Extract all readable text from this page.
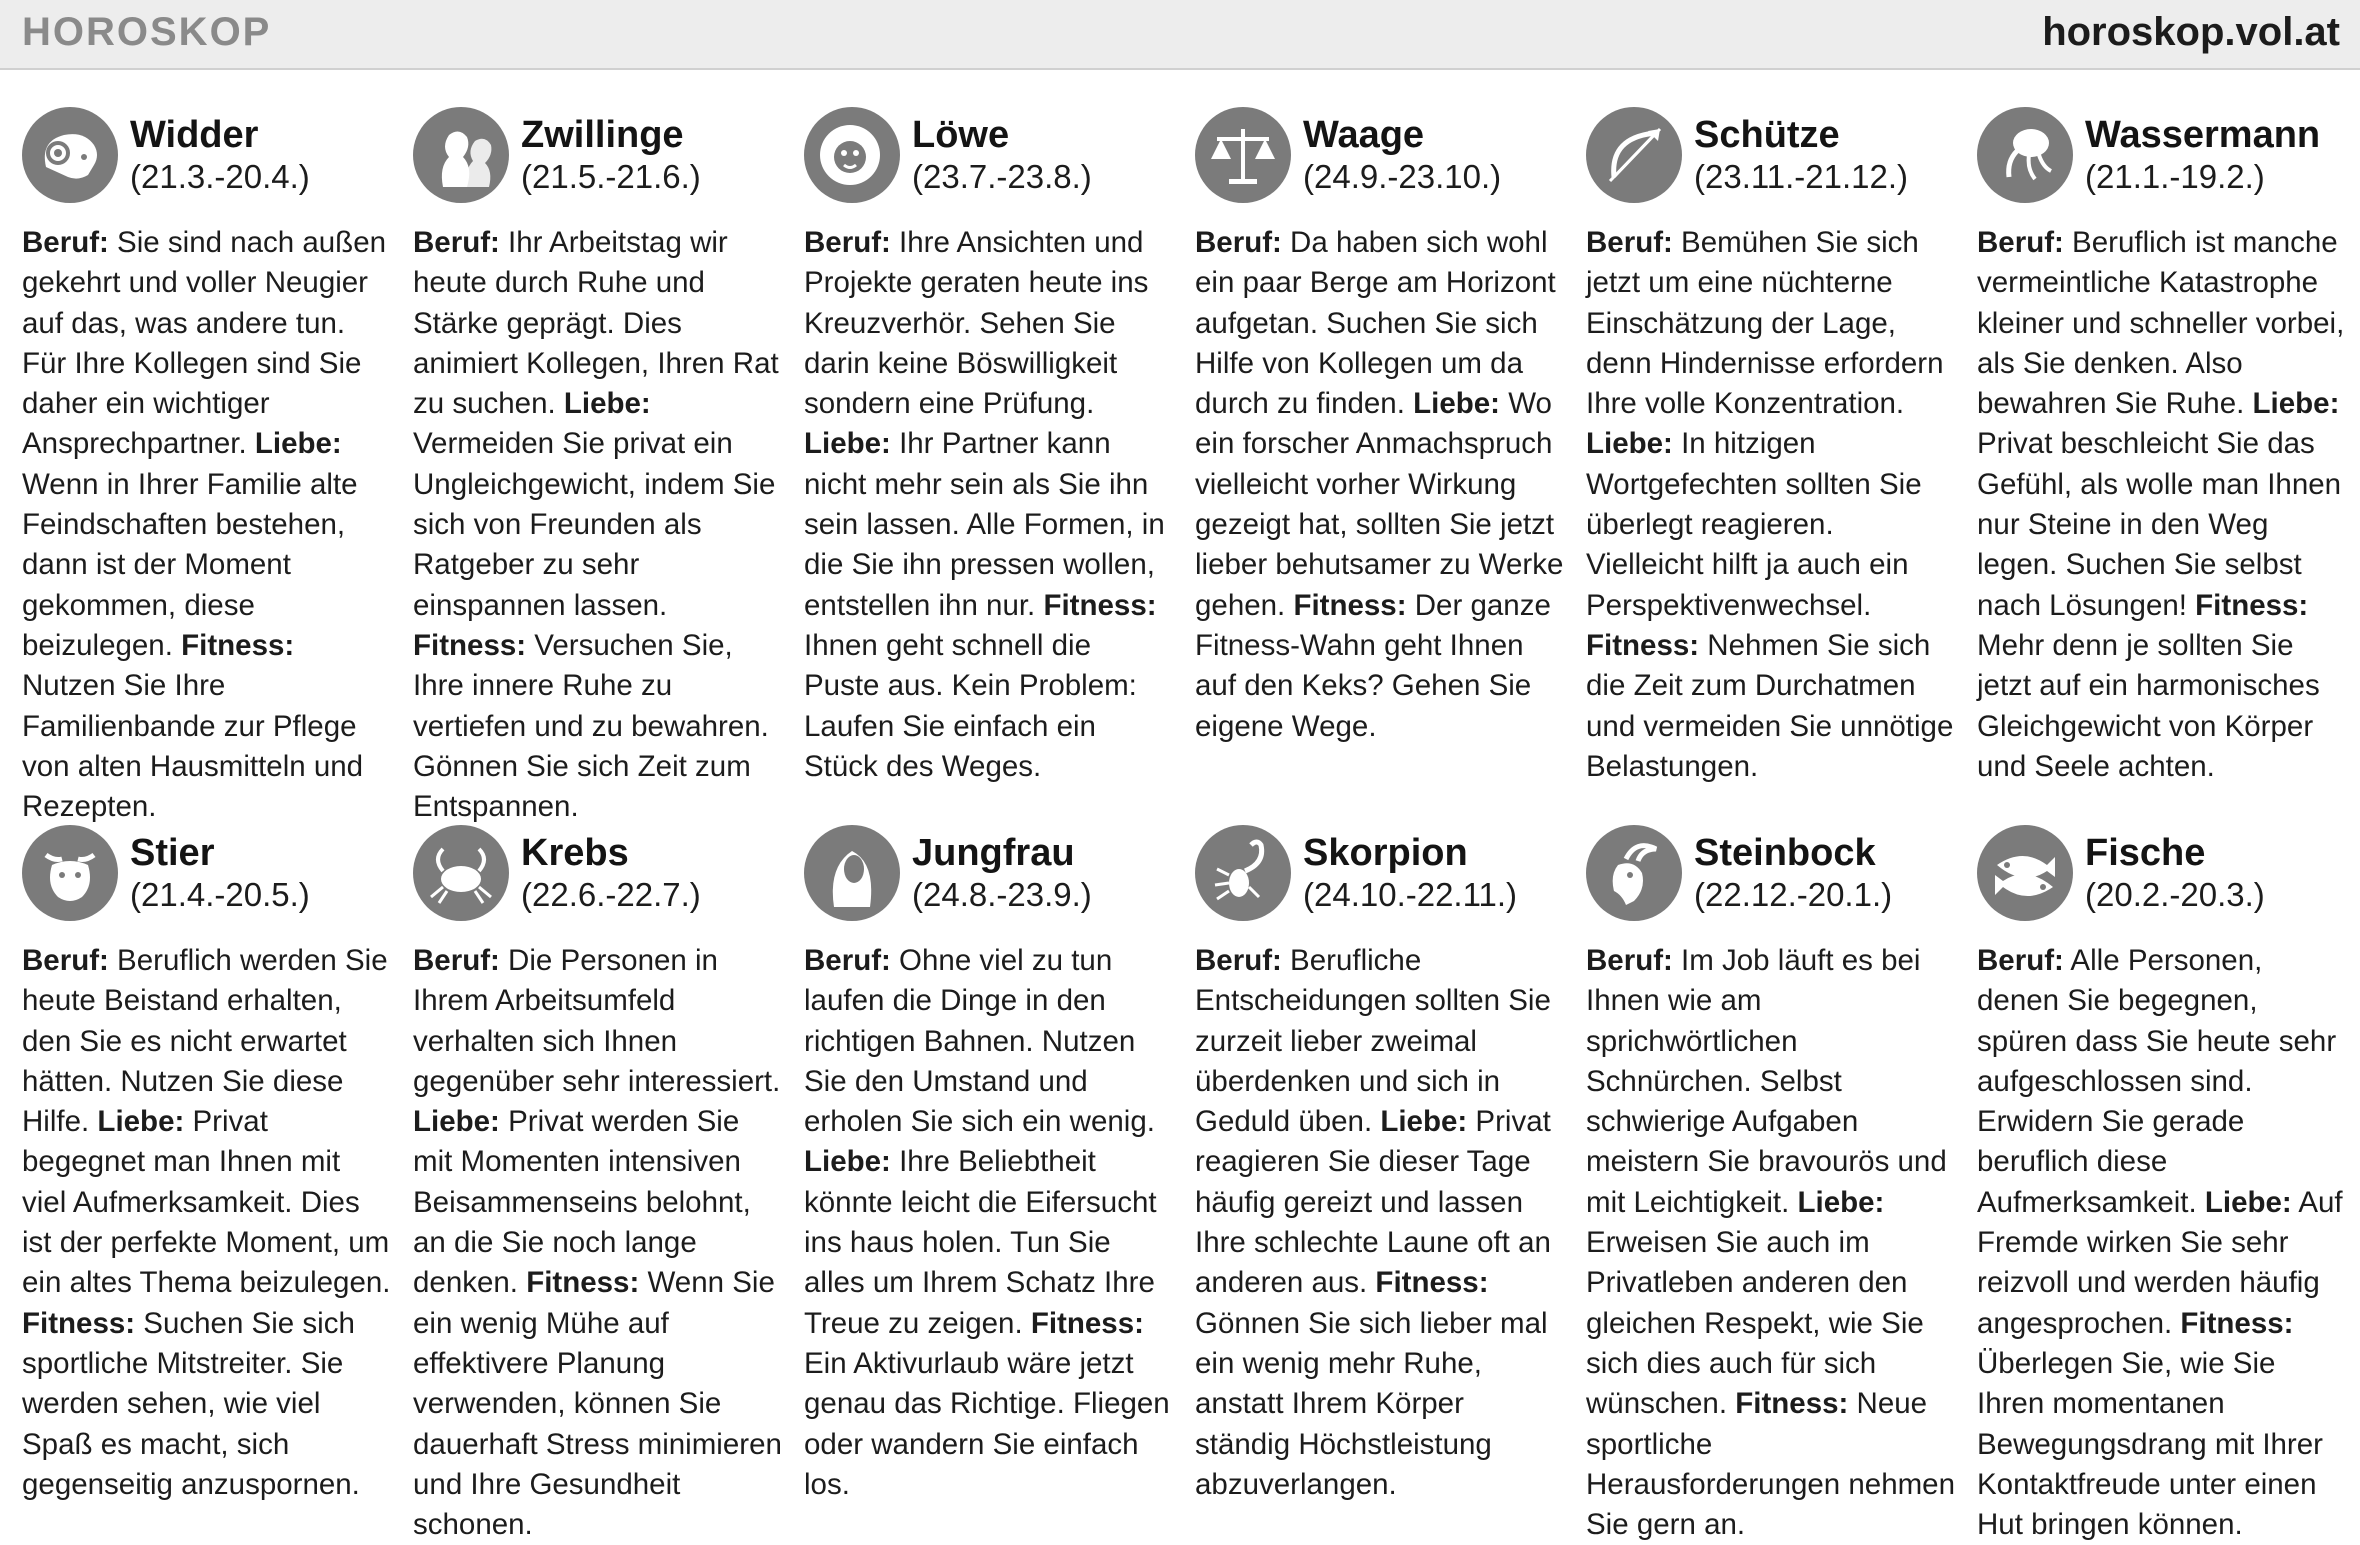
HOROSKOP	horoskop.vol.at
Widder
(21.3.-20.4.)
Beruf: Sie sind nach außen gekehrt und voller Neugier auf das, was andere tun. Für Ihre Kollegen sind Sie daher ein wichtiger Ansprechpartner. Liebe: Wenn in Ihrer Familie alte Feindschaften bestehen, dann ist der Moment gekommen, diese beizulegen. Fitness: Nutzen Sie Ihre Familienbande zur Pflege von alten Hausmitteln und Rezepten.
Zwillinge
(21.5.-21.6.)
Beruf: Ihr Arbeitstag wir heute durch Ruhe und Stärke geprägt. Dies animiert Kollegen, Ihren Rat zu suchen. Liebe: Vermeiden Sie privat ein Ungleichgewicht, indem Sie sich von Freunden als Ratgeber zu sehr einspannen lassen. Fitness: Versuchen Sie, Ihre innere Ruhe zu vertiefen und zu bewahren. Gönnen Sie sich Zeit zum Entspannen.
Löwe
(23.7.-23.8.)
Beruf: Ihre Ansichten und Projekte geraten heute ins Kreuzverhör. Sehen Sie darin keine Böswilligkeit sondern eine Prüfung. Liebe: Ihr Partner kann nicht mehr sein als Sie ihn sein lassen. Alle Formen, in die Sie ihn pressen wollen, entstellen ihn nur. Fitness: Ihnen geht schnell die Puste aus. Kein Problem: Laufen Sie einfach ein Stück des Weges.
Waage
(24.9.-23.10.)
Beruf: Da haben sich wohl ein paar Berge am Horizont aufgetan. Suchen Sie sich Hilfe von Kollegen um da durch zu finden. Liebe: Wo ein forscher Anmachspruch vielleicht vorher Wirkung gezeigt hat, sollten Sie jetzt lieber behutsamer zu Werke gehen. Fitness: Der ganze Fitness-Wahn geht Ihnen auf den Keks? Gehen Sie eigene Wege.
Schütze
(23.11.-21.12.)
Beruf: Bemühen Sie sich jetzt um eine nüchterne Einschätzung der Lage, denn Hindernisse erfordern Ihre volle Konzentration. Liebe: In hitzigen Wortgefechten sollten Sie überlegt reagieren. Vielleicht hilft ja auch ein Perspektivenwechsel. Fitness: Nehmen Sie sich die Zeit zum Durchatmen und vermeiden Sie unnötige Belastungen.
Wassermann
(21.1.-19.2.)
Beruf: Beruflich ist manche vermeintliche Katastrophe kleiner und schneller vorbei, als Sie denken. Also bewahren Sie Ruhe. Liebe: Privat beschleicht Sie das Gefühl, als wolle man Ihnen nur Steine in den Weg legen. Suchen Sie selbst nach Lösungen! Fitness: Mehr denn je sollten Sie jetzt auf ein harmonisches Gleichgewicht von Körper und Seele achten.
Stier
(21.4.-20.5.)
Beruf: Beruflich werden Sie heute Beistand erhalten, den Sie es nicht erwartet hätten. Nutzen Sie diese Hilfe. Liebe: Privat begegnet man Ihnen mit viel Aufmerksamkeit. Dies ist der perfekte Moment, um ein altes Thema beizulegen. Fitness: Suchen Sie sich sportliche Mitstreiter. Sie werden sehen, wie viel Spaß es macht, sich gegenseitig anzuspornen.
Krebs
(22.6.-22.7.)
Beruf: Die Personen in Ihrem Arbeitsumfeld verhalten sich Ihnen gegenüber sehr interessiert. Liebe: Privat werden Sie mit Momenten intensiven Beisammenseins belohnt, an die Sie noch lange denken. Fitness: Wenn Sie ein wenig Mühe auf effektivere Planung verwenden, können Sie dauerhaft Stress minimieren und Ihre Gesundheit schonen.
Jungfrau
(24.8.-23.9.)
Beruf: Ohne viel zu tun laufen die Dinge in den richtigen Bahnen. Nutzen Sie den Umstand und erholen Sie sich ein wenig. Liebe: Ihre Beliebtheit könnte leicht die Eifersucht ins haus holen. Tun Sie alles um Ihrem Schatz Ihre Treue zu zeigen. Fitness: Ein Aktivurlaub wäre jetzt genau das Richtige. Fliegen oder wandern Sie einfach los.
Skorpion
(24.10.-22.11.)
Beruf: Berufliche Entscheidungen sollten Sie zurzeit lieber zweimal überdenken und sich in Geduld üben. Liebe: Privat reagieren Sie dieser Tage häufig gereizt und lassen Ihre schlechte Laune oft an anderen aus. Fitness: Gönnen Sie sich lieber mal ein wenig mehr Ruhe, anstatt Ihrem Körper ständig Höchstleistung abzuverlangen.
Steinbock
(22.12.-20.1.)
Beruf: Im Job läuft es bei Ihnen wie am sprichwörtlichen Schnürchen. Selbst schwierige Aufgaben meistern Sie bravourös und mit Leichtigkeit. Liebe: Erweisen Sie auch im Privatleben anderen den gleichen Respekt, wie Sie sich dies auch für sich wünschen. Fitness: Neue sportliche Herausforderungen nehmen Sie gern an.
Fische
(20.2.-20.3.)
Beruf: Alle Personen, denen Sie begegnen, spüren dass Sie heute sehr aufgeschlossen sind. Erwidern Sie gerade beruflich diese Aufmerksamkeit. Liebe: Auf Fremde wirken Sie sehr reizvoll und werden häufig angesprochen. Fitness: Überlegen Sie, wie Sie Ihren momentanen Bewegungsdrang mit Ihrer Kontaktfreude unter einen Hut bringen können.
